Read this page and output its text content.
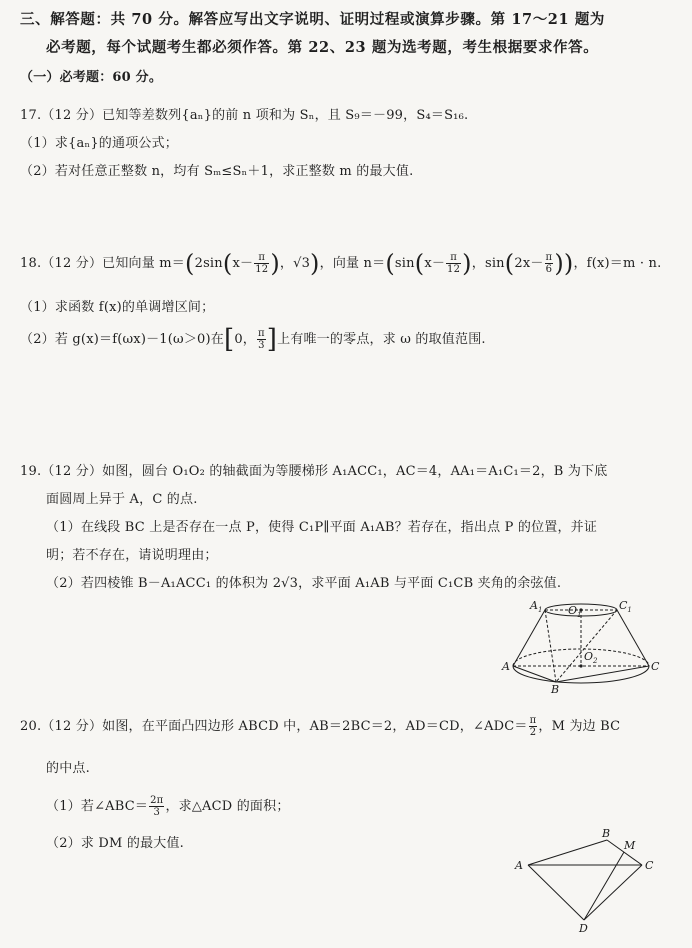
三、解答题：共 70 分。解答应写出文字说明、证明过程或演算步骤。第 17～21 题为
必考题，每个试题考生都必须作答。第 22、23 题为选考题，考生根据要求作答。
（一）必考题：60 分。
17.（12 分）已知等差数列{aₙ}的前 n 项和为 Sₙ，且 S₉＝－99，S₄＝S₁₆.
（1）求{aₙ}的通项公式；
（2）若对任意正整数 n，均有 Sₘ≤Sₙ＋1，求正整数 m 的最大值.
18.（12 分）已知向量 $m=(2\sin(x- \frac{\pi}{12}$ )，√3)，向量 $n=(\sin(x- \frac{\pi}{12}$ )，$\sin(2x- \frac{\pi}{6}$ ))，f(x)＝m · n.
（1）求函数 f(x)的单调增区间；
（2）若 g(x)＝f(ωx)－1(ω＞0)在[0， $\frac{\pi}{3}$ ]上有唯一的零点，求 ω 的取值范围.
19.（12 分）如图，圆台 O₁O₂ 的轴截面为等腰梯形 A₁ACC₁，AC＝4，AA₁＝A₁C₁＝2，B 为下底
面圆周上异于 A，C 的点.
（1）在线段 BC 上是否存在一点 P，使得 C₁P∥平面 A₁AB？若存在，指出点 P 的位置，并证
明；若不存在，请说明理由；
（2）若四棱锥 B－A₁ACC₁ 的体积为 2√3，求平面 A₁AB 与平面 C₁CB 夹角的余弦值.
$A_1$ $O_1$
$C_1$
A
$O_2$	C
B
20.（12 分）如图，在平面凸四边形 ABCD 中，AB＝2BC＝2，AD＝CD，∠ADC＝ $\frac{\pi}{2}$ ，M 为边 BC
的中点.
（1）若∠ABC＝ $\frac{2\pi}{3}$ ，求△ACD 的面积；
（2）求 DM 的最大值.
A
B
M
C
D
